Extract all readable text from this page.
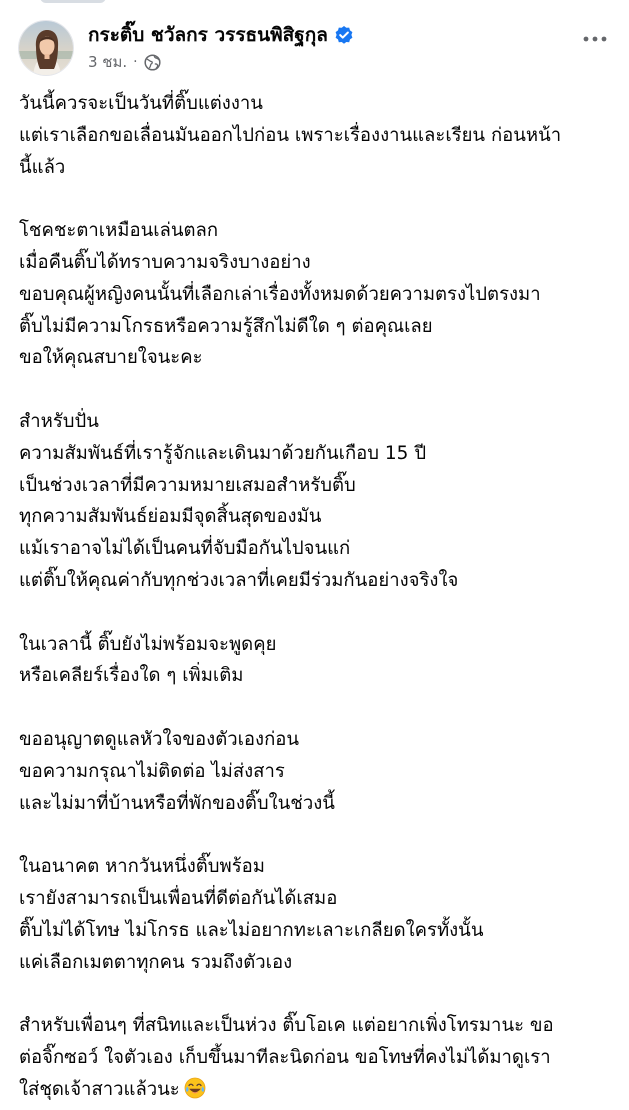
กระติ๊บ ชวัลกร วรรธนพิสิฐกุล
3 ชม. ·

วันนี้ควรจะเป็นวันที่ติ๊บแต่งงาน
แต่เราเลือกขอเลื่อนมันออกไปก่อน เพราะเรื่องงานและเรียน ก่อนหน้า
นี้แล้ว

โชคชะตาเหมือนเล่นตลก
เมื่อคืนติ๊บได้ทราบความจริงบางอย่าง
ขอบคุณผู้หญิงคนนั้นที่เลือกเล่าเรื่องทั้งหมดด้วยความตรงไปตรงมา
ติ๊บไม่มีความโกรธหรือความรู้สึกไม่ดีใด ๆ ต่อคุณเลย
ขอให้คุณสบายใจนะคะ

สำหรับปั่น
ความสัมพันธ์ที่เรารู้จักและเดินมาด้วยกันเกือบ 15 ปี
เป็นช่วงเวลาที่มีความหมายเสมอสำหรับติ๊บ
ทุกความสัมพันธ์ย่อมมีจุดสิ้นสุดของมัน
แม้เราอาจไม่ได้เป็นคนที่จับมือกันไปจนแก่
แต่ติ๊บให้คุณค่ากับทุกช่วงเวลาที่เคยมีร่วมกันอย่างจริงใจ

ในเวลานี้ ติ๊บยังไม่พร้อมจะพูดคุย
หรือเคลียร์เรื่องใด ๆ เพิ่มเติม

ขออนุญาตดูแลหัวใจของตัวเองก่อน
ขอความกรุณาไม่ติดต่อ ไม่ส่งสาร
และไม่มาที่บ้านหรือที่พักของติ๊บในช่วงนี้

ในอนาคต หากวันหนึ่งติ๊บพร้อม
เรายังสามารถเป็นเพื่อนที่ดีต่อกันได้เสมอ
ติ๊บไม่ได้โทษ ไม่โกรธ และไม่อยากทะเลาะเกลียดใครทั้งนั้น
แค่เลือกเมตตาทุกคน รวมถึงตัวเอง

สำหรับเพื่อนๆ ที่สนิทและเป็นห่วง ติ๊บโอเค แต่อยากเพิ่งโทรมานะ ขอ
ต่อจิ๊กซอว์ ใจตัวเอง เก็บขึ้นมาทีละนิดก่อน ขอโทษที่คงไม่ได้มาดูเรา
ใส่ชุดเจ้าสาวแล้วนะ
